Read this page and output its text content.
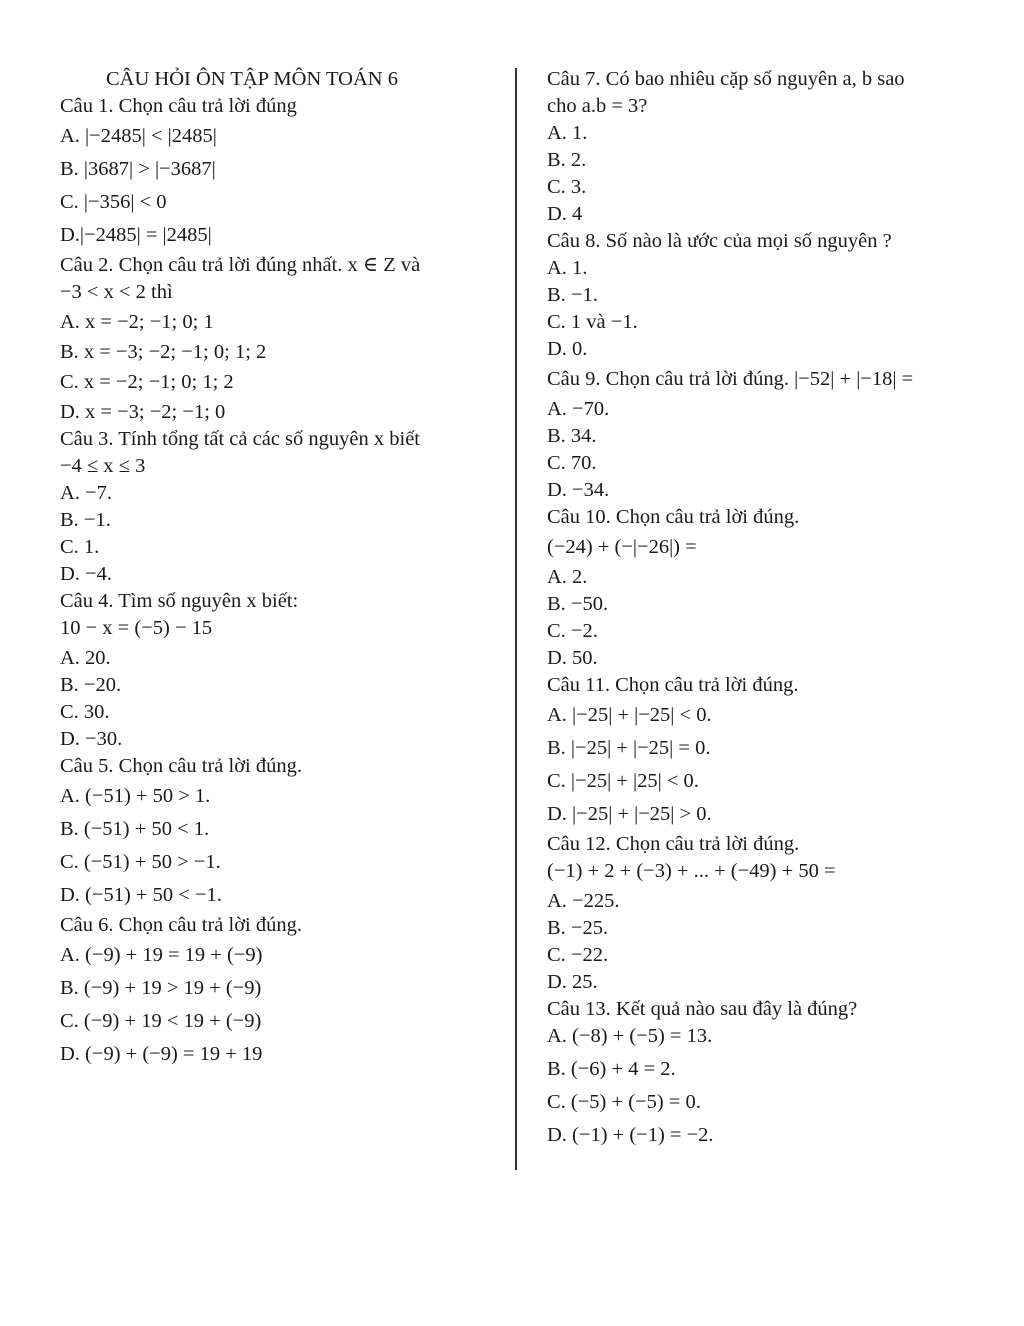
CÂU HỎI ÔN TẬP MÔN TOÁN 6
Câu 1. Chọn câu trả lời đúng
A. |−2485| < |2485|
B. |3687| > |−3687|
C. |−356| < 0
D.|−2485| = |2485|
Câu 2. Chọn câu trả lời đúng nhất. x ∈ Z và
−3 < x < 2 thì
A. x = −2; −1; 0; 1
B. x = −3; −2; −1; 0; 1; 2
C. x = −2; −1; 0; 1; 2
D. x = −3; −2; −1; 0
Câu 3. Tính tổng tất cả các số nguyên x biết
−4 ≤ x ≤ 3
A. −7.
B. −1.
C. 1.
D. −4.
Câu 4. Tìm số nguyên x biết:
10 − x = (−5) − 15
A. 20.
B. −20.
C. 30.
D. −30.
Câu 5. Chọn câu trả lời đúng.
A. (−51) + 50 > 1.
B. (−51) + 50 < 1.
C. (−51) + 50 > −1.
D. (−51) + 50 < −1.
Câu 6. Chọn câu trả lời đúng.
A. (−9) + 19 = 19 + (−9)
B. (−9) + 19 > 19 + (−9)
C. (−9) + 19 < 19 + (−9)
D. (−9) + (−9) = 19 + 19
Câu 7. Có bao nhiêu cặp số nguyên a, b sao
cho a.b = 3?
A. 1.
B. 2.
C. 3.
D. 4
Câu 8. Số nào là ước của mọi số nguyên ?
A. 1.
B. −1.
C. 1 và −1.
D. 0.
Câu 9. Chọn câu trả lời đúng. |−52| + |−18| =
A. −70.
B. 34.
C. 70.
D. −34.
Câu 10. Chọn câu trả lời đúng.
(−24) + (−|−26|) =
A. 2.
B. −50.
C. −2.
D. 50.
Câu 11. Chọn câu trả lời đúng.
A. |−25| + |−25| < 0.
B. |−25| + |−25| = 0.
C. |−25| + |25| < 0.
D. |−25| + |−25| > 0.
Câu 12. Chọn câu trả lời đúng.
(−1) + 2 + (−3) + ... + (−49) + 50 =
A. −225.
B. −25.
C. −22.
D. 25.
Câu 13. Kết quả nào sau đây là đúng?
A. (−8) + (−5) = 13.
B. (−6) + 4 = 2.
C. (−5) + (−5) = 0.
D. (−1) + (−1) = −2.
